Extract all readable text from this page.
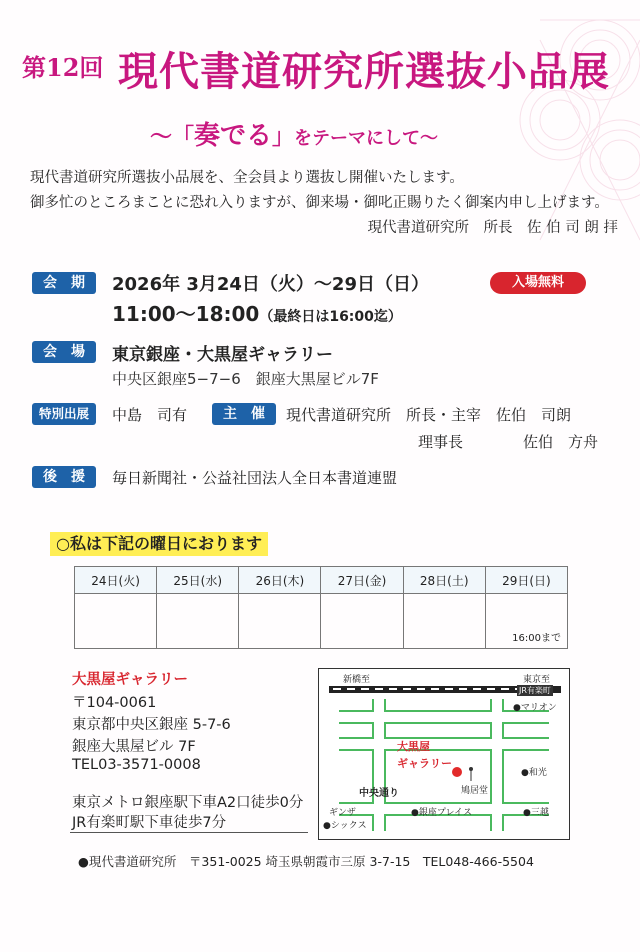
第12回 現代書道研究所選抜小品展
〜「奏でる」をテーマにして〜
現代書道研究所選抜小品展を、全会員より選抜し開催いたします。
御多忙のところまことに恐れ入りますが、御来場・御叱正賜りたく御案内申し上げます。
現代書道研究所　所長　佐 伯 司 朗 拝
会　期	2026年 3月24日（火）〜29日（日）	入場無料
11:00〜18:00（最終日は16:00迄）
会　場	東京銀座・大黒屋ギャラリー
中央区銀座5−7−6　銀座大黒屋ビル7F
特別出展	中島　司有	主　催	現代書道研究所　所長・主宰　佐伯　司朗
理事長　　　　佐伯　方舟
後　援	毎日新聞社・公益社団法人全日本書道連盟
○私は下記の曜日におります
24日(火)	25日(水)	26日(木)	27日(金)	28日(土)	29日(日)
					16:00まで
大黒屋ギャラリー
〒104-0061
東京都中央区銀座 5-7-6
銀座大黒屋ビル 7F
TEL03-3571-0008
東京メトロ銀座駅下車A2口徒歩0分
JR有楽町駅下車徒歩7分
新橋至	東京至
JR有楽町
●マリオン
大黒屋
ギャラリー
鳩居堂
●和光
中央通り
ギンザ
●シックス
●銀座プレイス	●三越
●現代書道研究所　〒351-0025 埼玉県朝霞市三原 3-7-15　TEL048-466-5504
